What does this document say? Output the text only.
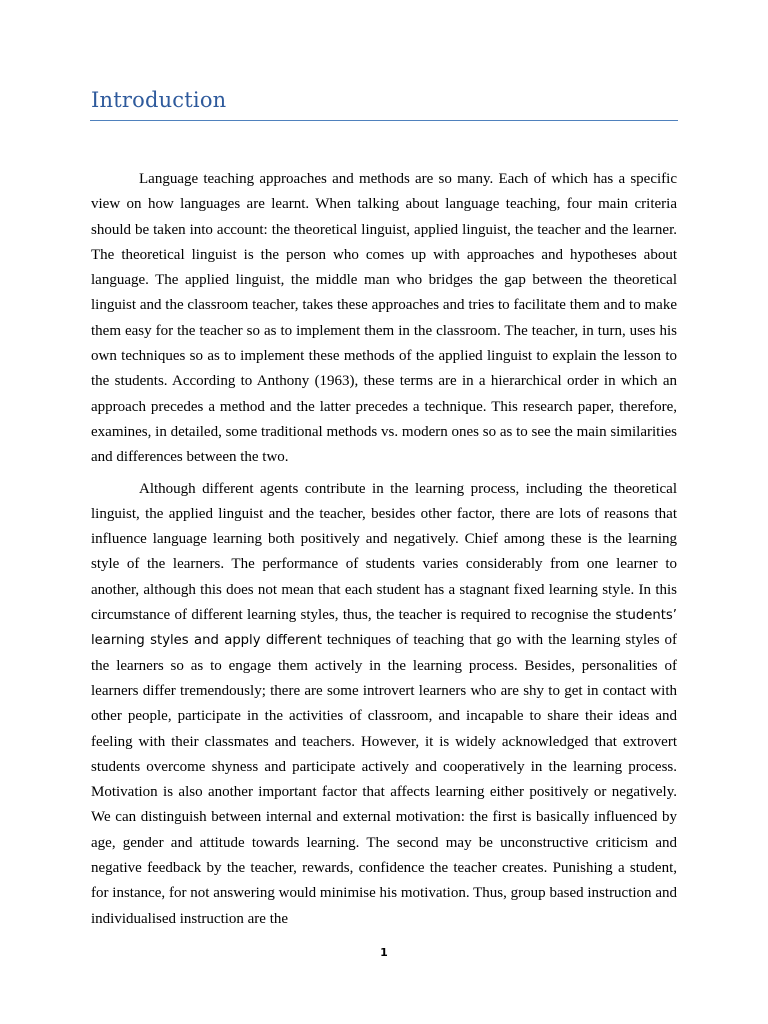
Introduction

Language teaching approaches and methods are so many. Each of which has a specific view on how languages are learnt. When talking about language teaching, four main criteria should be taken into account: the theoretical linguist, applied linguist, the teacher and the learner. The theoretical linguist is the person who comes up with approaches and hypotheses about language. The applied linguist, the middle man who bridges the gap between the theoretical linguist and the classroom teacher, takes these approaches and tries to facilitate them and to make them easy for the teacher so as to implement them in the classroom. The teacher, in turn, uses his own techniques so as to implement these methods of the applied linguist to explain the lesson to the students. According to Anthony (1963), these terms are in a hierarchical order in which an approach precedes a method and the latter precedes a technique. This research paper, therefore, examines, in detailed, some traditional methods vs. modern ones so as to see the main similarities and differences between the two.

Although different agents contribute in the learning process, including the theoretical linguist, the applied linguist and the teacher, besides other factor, there are lots of reasons that influence language learning both positively and negatively. Chief among these is the learning style of the learners. The performance of students varies considerably from one learner to another, although this does not mean that each student has a stagnant fixed learning style. In this circumstance of different learning styles, thus, the teacher is required to recognise the students’ learning styles and apply different techniques of teaching that go with the learning styles of the learners so as to engage them actively in the learning process. Besides, personalities of learners differ tremendously; there are some introvert learners who are shy to get in contact with other people, participate in the activities of classroom, and incapable to share their ideas and feeling with their classmates and teachers. However, it is widely acknowledged that extrovert students overcome shyness and participate actively and cooperatively in the learning process. Motivation is also another important factor that affects learning either positively or negatively. We can distinguish between internal and external motivation: the first is basically influenced by age, gender and attitude towards learning. The second may be unconstructive criticism and negative feedback by the teacher, rewards, confidence the teacher creates. Punishing a student, for instance, for not answering would minimise his motivation. Thus, group based instruction and individualised instruction are the

1
